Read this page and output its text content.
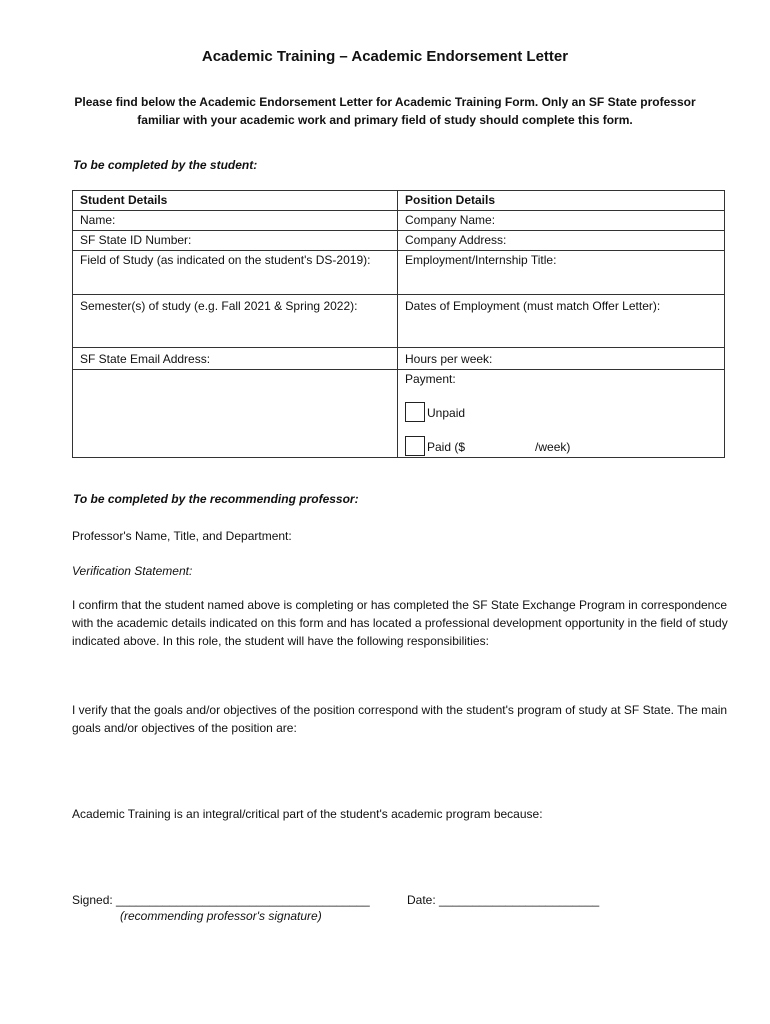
Academic Training – Academic Endorsement Letter
Please find below the Academic Endorsement Letter for Academic Training Form. Only an SF State professor familiar with your academic work and primary field of study should complete this form.
To be completed by the student:
Student Details	Position Details
Name:	Company Name:
SF State ID Number:	Company Address:
Field of Study (as indicated on the student's DS-2019):	Employment/Internship Title:
Semester(s) of study (e.g. Fall 2021 & Spring 2022):	Dates of Employment (must match Offer Letter):
SF State Email Address:	Hours per week:

	Payment:
Unpaid
Paid ($ /week)
To be completed by the recommending professor:
Professor's Name, Title, and Department:
Verification Statement:
I confirm that the student named above is completing or has completed the SF State Exchange Program in correspondence with the academic details indicated on this form and has located a professional development opportunity in the field of study indicated above. In this role, the student will have the following responsibilities:
I verify that the goals and/or objectives of the position correspond with the student's program of study at SF State. The main goals and/or objectives of the position are:
Academic Training is an integral/critical part of the student's academic program because:
Signed: ______________________________________	Date: ________________________
(recommending professor's signature)
